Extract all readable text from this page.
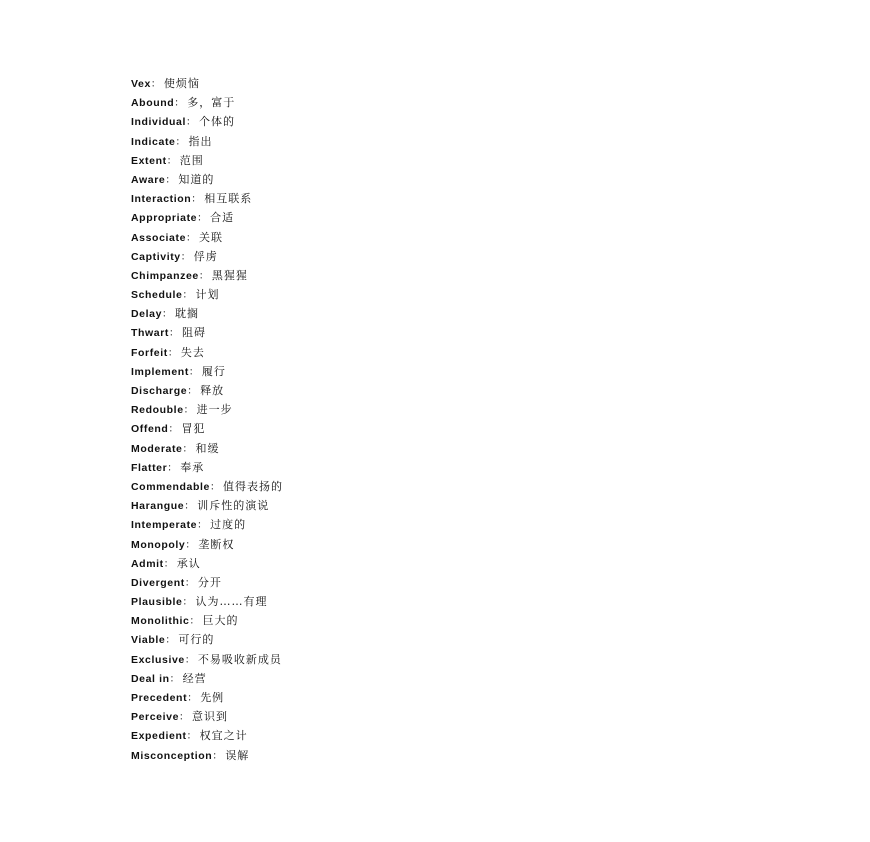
Vex： 使烦恼
Abound： 多，富于
Individual： 个体的
Indicate： 指出
Extent： 范围
Aware： 知道的
Interaction： 相互联系
Appropriate： 合适
Associate： 关联
Captivity： 俘虏
Chimpanzee： 黑猩猩
Schedule： 计划
Delay： 耽搁
Thwart： 阻碍
Forfeit： 失去
Implement： 履行
Discharge： 释放
Redouble： 进一步
Offend： 冒犯
Moderate： 和缓
Flatter： 奉承
Commendable： 值得表扬的
Harangue： 训斥性的演说
Intemperate： 过度的
Monopoly： 垄断权
Admit： 承认
Divergent： 分开
Plausible： 认为……有理
Monolithic： 巨大的
Viable： 可行的
Exclusive： 不易吸收新成员
Deal in： 经营
Precedent： 先例
Perceive： 意识到
Expedient： 权宜之计
Misconception： 误解
